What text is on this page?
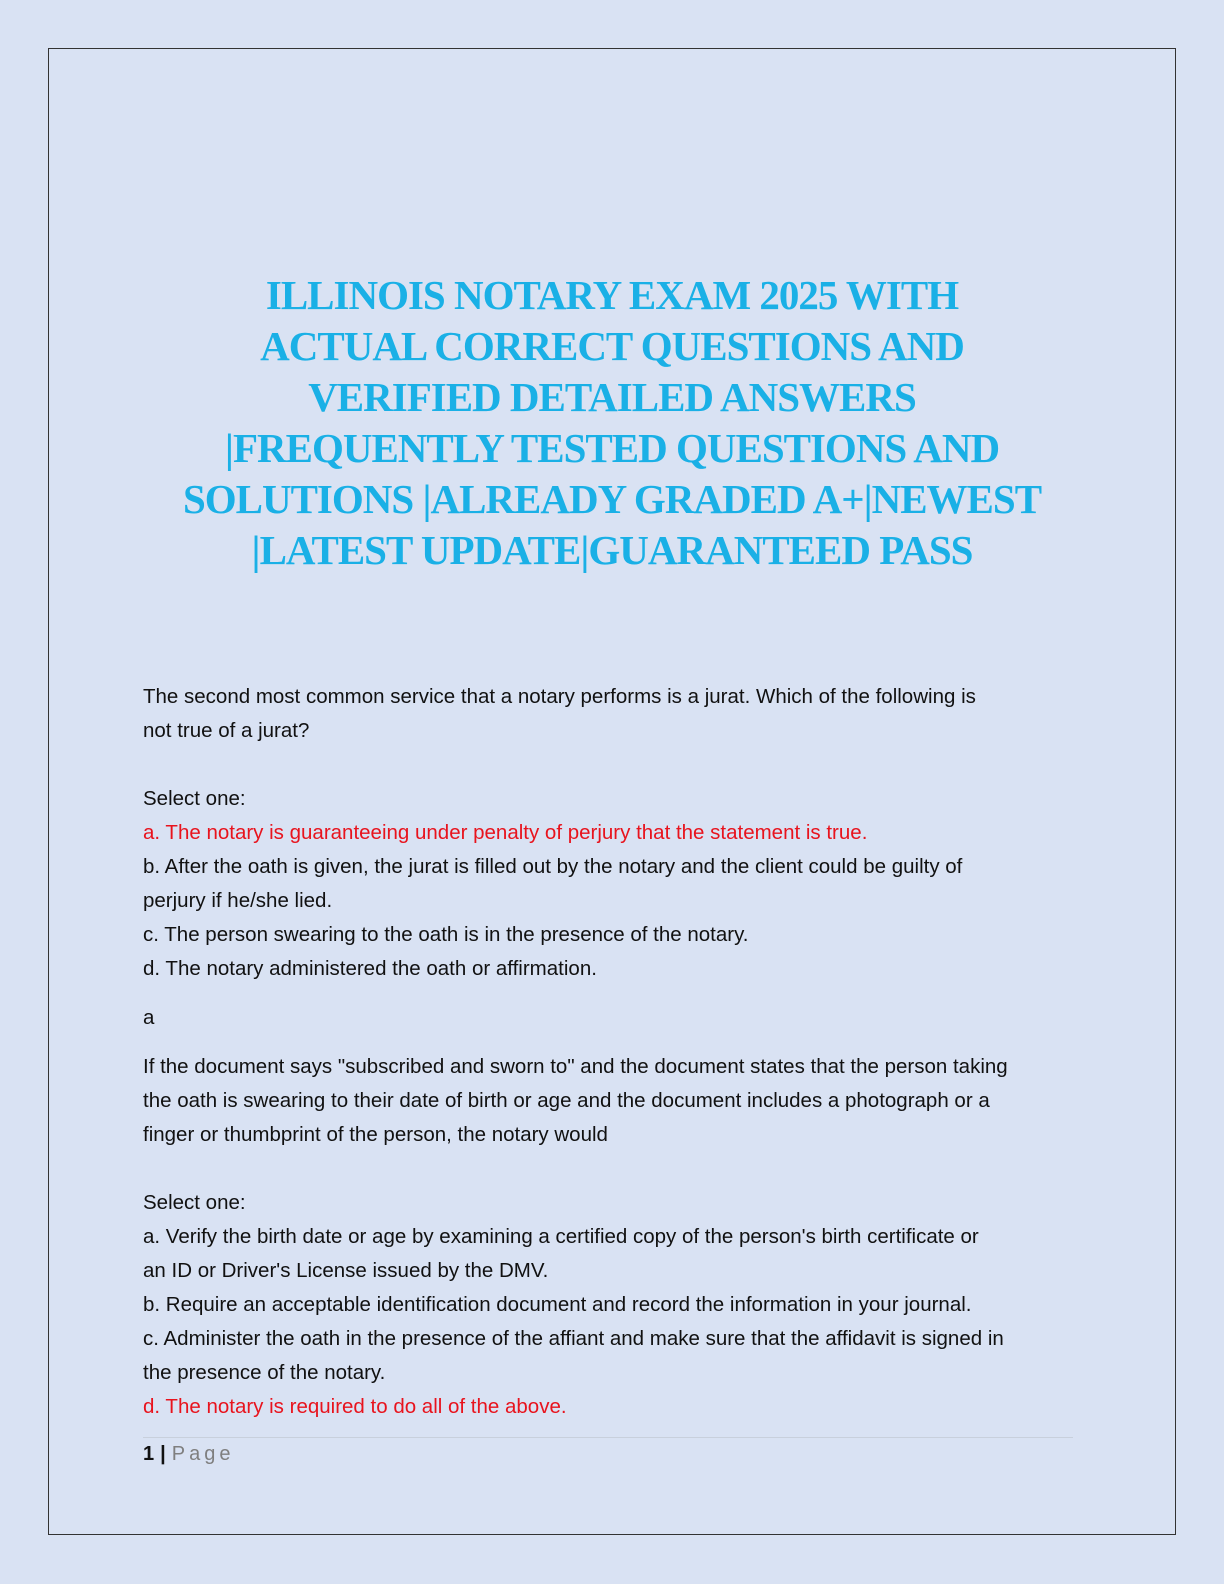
ILLINOIS NOTARY EXAM 2025 WITH
ACTUAL CORRECT QUESTIONS AND
VERIFIED DETAILED ANSWERS
|FREQUENTLY TESTED QUESTIONS AND
SOLUTIONS |ALREADY GRADED A+|NEWEST
|LATEST UPDATE|GUARANTEED PASS

The second most common service that a notary performs is a jurat. Which of the following is

not true of a jurat?

Select one:

a. The notary is guaranteeing under penalty of perjury that the statement is true.

b. After the oath is given, the jurat is filled out by the notary and the client could be guilty of

perjury if he/she lied.

c. The person swearing to the oath is in the presence of the notary.

d. The notary administered the oath or affirmation.

a

If the document says "subscribed and sworn to" and the document states that the person taking

the oath is swearing to their date of birth or age and the document includes a photograph or a

finger or thumbprint of the person, the notary would

Select one:

a. Verify the birth date or age by examining a certified copy of the person's birth certificate or

an ID or Driver's License issued by the DMV.

b. Require an acceptable identification document and record the information in your journal.

c. Administer the oath in the presence of the affiant and make sure that the affidavit is signed in

the presence of the notary.

d. The notary is required to do all of the above.

1 | Page
